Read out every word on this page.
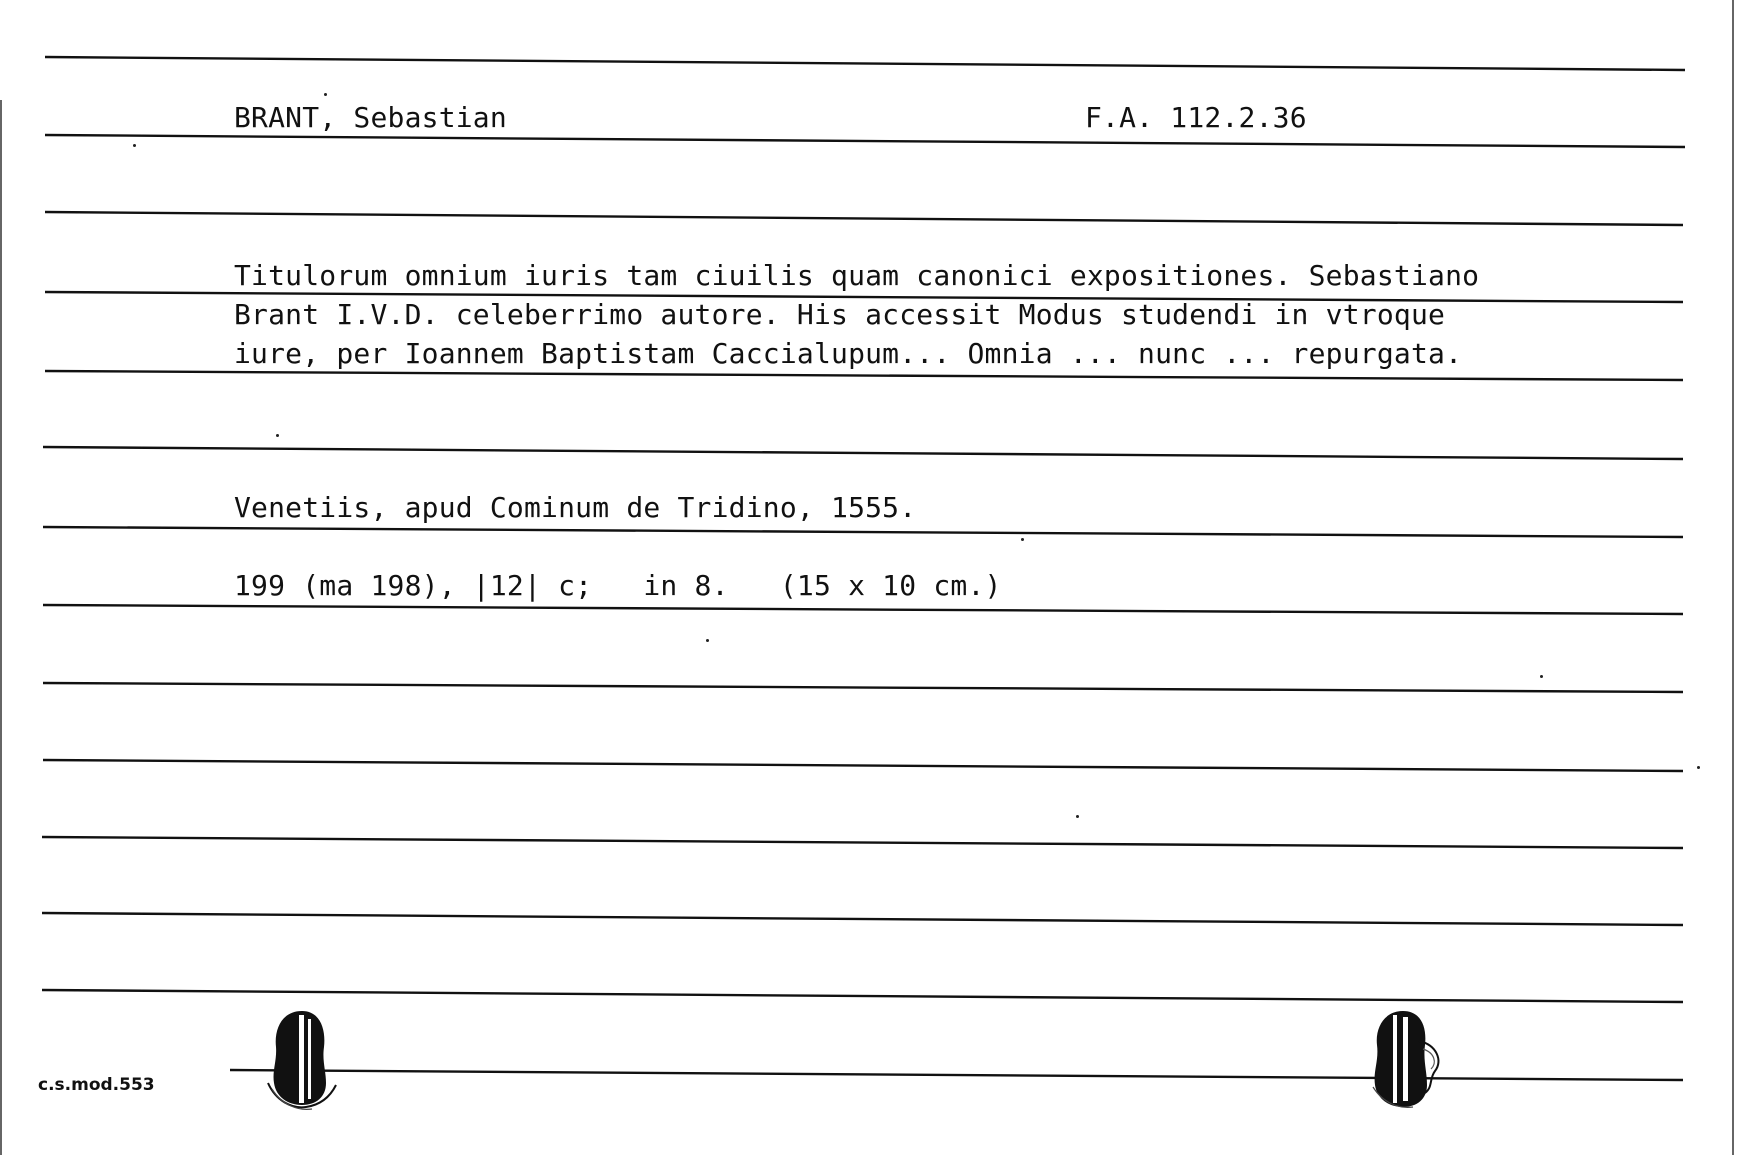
BRANT, Sebastian	F.A. 112.2.36
Titulorum omnium iuris tam ciuilis quam canonici expositiones. Sebastiano
Brant I.V.D. celeberrimo autore. His accessit Modus studendi in vtroque
iure, per Ioannem Baptistam Caccialupum... Omnia ... nunc ... repurgata.
Venetiis, apud Cominum de Tridino, 1555.
199 (ma 198), |12| c;   in 8.   (15 x 10 cm.)
c.s.mod.553
